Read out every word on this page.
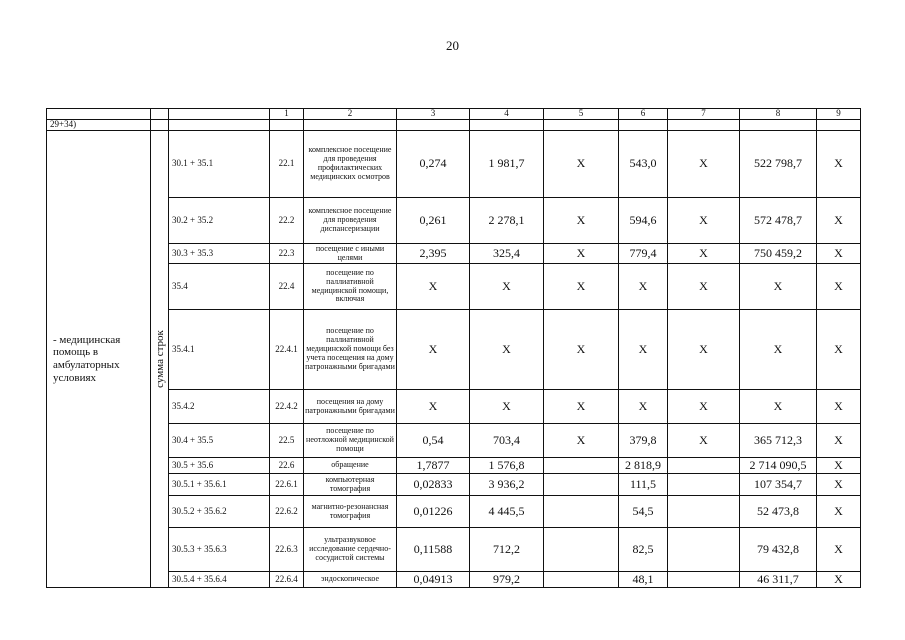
20
			1	2	3	4	5	6	7	8	9
29+34)											
- медицинская помощь в амбулаторных условиях	сумма строк	30.1 + 35.1	22.1	комплексное посещение для проведения профилактических медицинских осмотров	0,274	1 981,7	X	543,0	X	522 798,7	X
		30.2 + 35.2	22.2	комплексное посещение для проведения диспансеризации	0,261	2 278,1	X	594,6	X	572 478,7	X
		30.3 + 35.3	22.3	посещение с иными целями	2,395	325,4	X	779,4	X	750 459,2	X
		35.4	22.4	посещение по паллиативной медицинской помощи, включая	X	X	X	X	X	X	X
		35.4.1	22.4.1	посещение по паллиативной медицинской помощи без учета посещения на дому патронажными бригадами	X	X	X	X	X	X	X
		35.4.2	22.4.2	посещения на дому патронажными бригадами	X	X	X	X	X	X	X
		30.4 + 35.5	22.5	посещение по неотложной медицинской помощи	0,54	703,4	X	379,8	X	365 712,3	X
		30.5 + 35.6	22.6	обращение	1,7877	1 576,8		2 818,9		2 714 090,5	X
		30.5.1 + 35.6.1	22.6.1	компьютерная томография	0,02833	3 936,2		111,5		107 354,7	X
		30.5.2 + 35.6.2	22.6.2	магнитно-резонансная томография	0,01226	4 445,5		54,5		52 473,8	X
		30.5.3 + 35.6.3	22.6.3	ультразвуковое исследование сердечно-сосудистой системы	0,11588	712,2		82,5		79 432,8	X
		30.5.4 + 35.6.4	22.6.4	эндоскопическое	0,04913	979,2		48,1		46 311,7	X
